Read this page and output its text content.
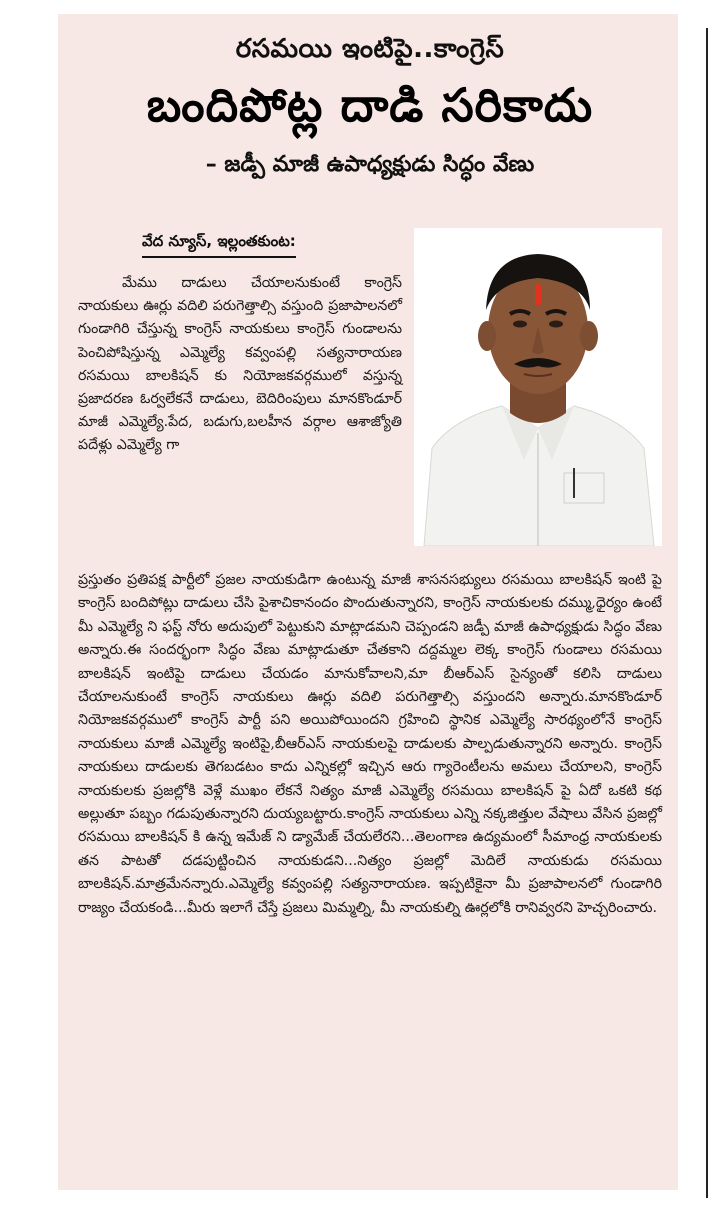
రసమయి ఇంటిపై..కాంగ్రెస్
బందిపోట్ల దాడి సరికాదు
– జడ్పీ మాజీ ఉపాధ్యక్షుడు సిద్ధం వేణు
వేద న్యూస్, ఇల్లంతకుంట:
మేము దాడులు చేయాలనుకుంటే కాంగ్రెస్ నాయకులు ఊర్లు వదిలి పరుగెత్తాల్సి వస్తుంది ప్రజాపాలనలో గుండాగిరి చేస్తున్న కాంగ్రెస్ నాయకులు కాంగ్రెస్ గుండాలను పెంచిపోషిస్తున్న ఎమ్మెల్యే కవ్వంపల్లి సత్యనారాయణ రసమయి బాలకిషన్ కు నియోజకవర్గములో వస్తున్న ప్రజాదరణ ఓర్వలేకనే దాడులు, బెదిరింపులు మానకొండూర్ మాజీ ఎమ్మెల్యే.పేద, బడుగు,బలహీన వర్గాల ఆశాజ్యోతి పదేళ్లు ఎమ్మెల్యే గా
ప్రస్తుతం ప్రతిపక్ష పార్టీలో ప్రజల నాయకుడిగా ఉంటున్న మాజీ శాసనసభ్యులు రసమయి బాలకిషన్ ఇంటి పై కాంగ్రెస్ బందిపోట్లు దాడులు చేసి పైశాచికానందం పొందుతున్నారని, కాంగ్రెస్ నాయకులకు దమ్ము,ధైర్యం ఉంటే మీ ఎమ్మెల్యే ని ఫస్ట్ నోరు అదుపులో పెట్టుకుని మాట్లాడమని చెప్పండని జడ్పీ మాజీ ఉపాధ్యక్షుడు సిద్ధం వేణు అన్నారు.ఈ సందర్భంగా సిద్ధం వేణు మాట్లాడుతూ చేతకాని దద్దమ్మల లెక్క కాంగ్రెస్ గుండాలు రసమయి బాలకిషన్ ఇంటిపై దాడులు చేయడం మానుకోవాలని,మా బీఆర్ఎస్ సైన్యంతో కలిసి దాడులు చేయాలనుకుంటే కాంగ్రెస్ నాయకులు ఊర్లు వదిలి పరుగెత్తాల్సి వస్తుందని అన్నారు.మానకొండూర్ నియోజకవర్గములో కాంగ్రెస్ పార్టీ పని అయిపోయిందని గ్రహించి స్థానిక ఎమ్మెల్యే సారథ్యంలోనే కాంగ్రెస్ నాయకులు మాజీ ఎమ్మెల్యే ఇంటిపై,బీఆర్ఎస్ నాయకులపై దాడులకు పాల్పడుతున్నారని అన్నారు. కాంగ్రెస్ నాయకులు దాడులకు తెగబడటం కాదు ఎన్నికల్లో ఇచ్చిన ఆరు గ్యారెంటీలను అమలు చేయాలని, కాంగ్రెస్ నాయకులకు ప్రజల్లోకి వెళ్లే ముఖం లేకనే నిత్యం మాజీ ఎమ్మెల్యే రసమయి బాలకిషన్ పై ఏదో ఒకటి కథ అల్లుతూ పబ్బం గడుపుతున్నారని దుయ్యబట్టారు.కాంగ్రెస్ నాయకులు ఎన్ని నక్కజిత్తుల వేషాలు వేసిన ప్రజల్లో రసమయి బాలకిషన్ కి ఉన్న ఇమేజ్ ని డ్యామేజ్ చేయలేరని...తెలంగాణ ఉద్యమంలో సీమాంధ్ర నాయకులకు తన పాటతో దడపుట్టించిన నాయకుడని...నిత్యం ప్రజల్లో మెదిలే నాయకుడు రసమయి బాలకిషన్.మాత్రమేనన్నారు.ఎమ్మెల్యే కవ్వంపల్లి సత్యనారాయణ. ఇప్పటికైనా మీ ప్రజాపాలనలో గుండాగిరి రాజ్యం చేయకండి...మీరు ఇలాగే చేస్తే ప్రజలు మిమ్మల్ని, మీ నాయకుల్ని ఊర్లలోకి రానివ్వరని హెచ్చరించారు.
